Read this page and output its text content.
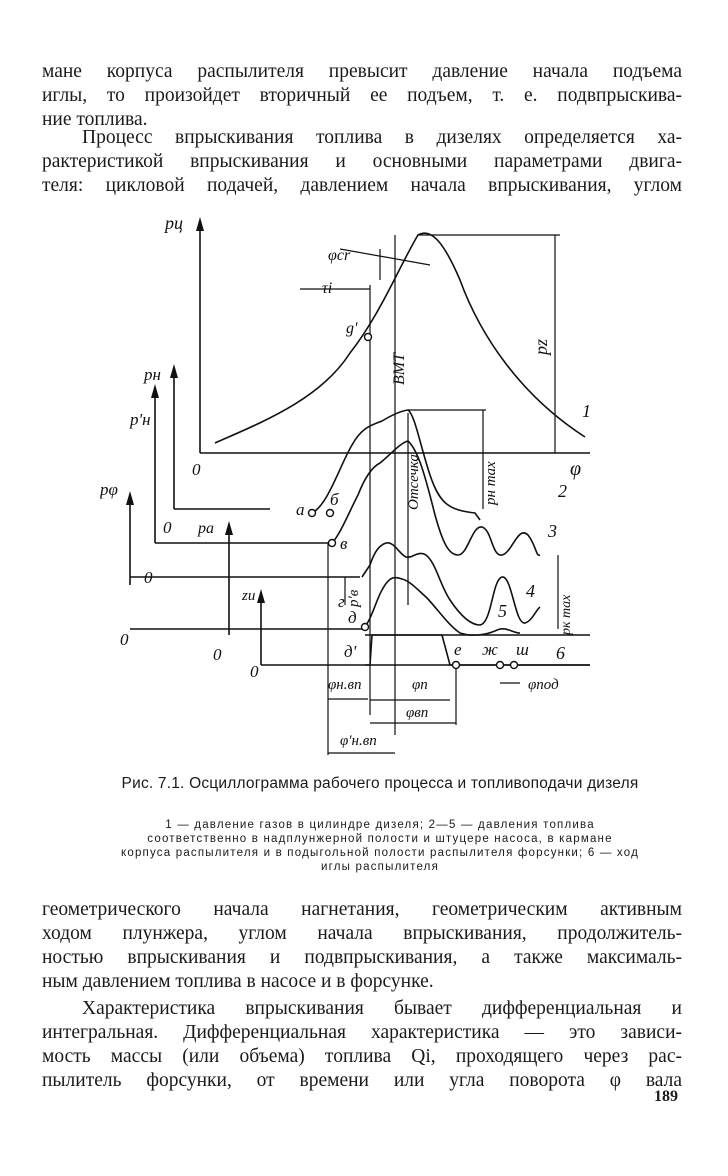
мане корпуса распылителя превысит давление начала подъема
иглы, то произойдет вторичный ее подъем, т. е. подвпрыскива-
ние топлива.
Процесс впрыскивания топлива в дизелях определяется ха-
рактеристикой впрыскивания и основными параметрами двига-
теля: цикловой подачей, давлением начала впрыскивания, углом
pц
φcr
τi
g'
ВМТ
pz
pн
p'н
pφ	pн max
Отсечка
pa
zи	p'в	pк max
a
б
в
г
д
д'	е ж ш
0
0
0
0
0
0
φ
φн.вп	φп	φпод
φвп
φ'н.вп
1
2
3
4
5
6
Рис. 7.1. Осциллограмма рабочего процесса и топливоподачи дизеля
1 — давление газов в цилиндре дизеля; 2—5 — давления топлива соответственно в надплунжерной полости и штуцере насоса, в кармане корпуса распылителя и в подыгольной полости распылителя форсунки; 6 — ход иглы распылителя
геометрического начала нагнетания, геометрическим активным
ходом плунжера, углом начала впрыскивания, продолжитель-
ностью впрыскивания и подвпрыскивания, а также максималь-
ным давлением топлива в насосе и в форсунке.
Характеристика впрыскивания бывает дифференциальная и
интегральная. Дифференциальная характеристика — это зависи-
мость массы (или объема) топлива Qi, проходящего через рас-
пылитель форсунки, от времени или угла поворота φ вала
189
